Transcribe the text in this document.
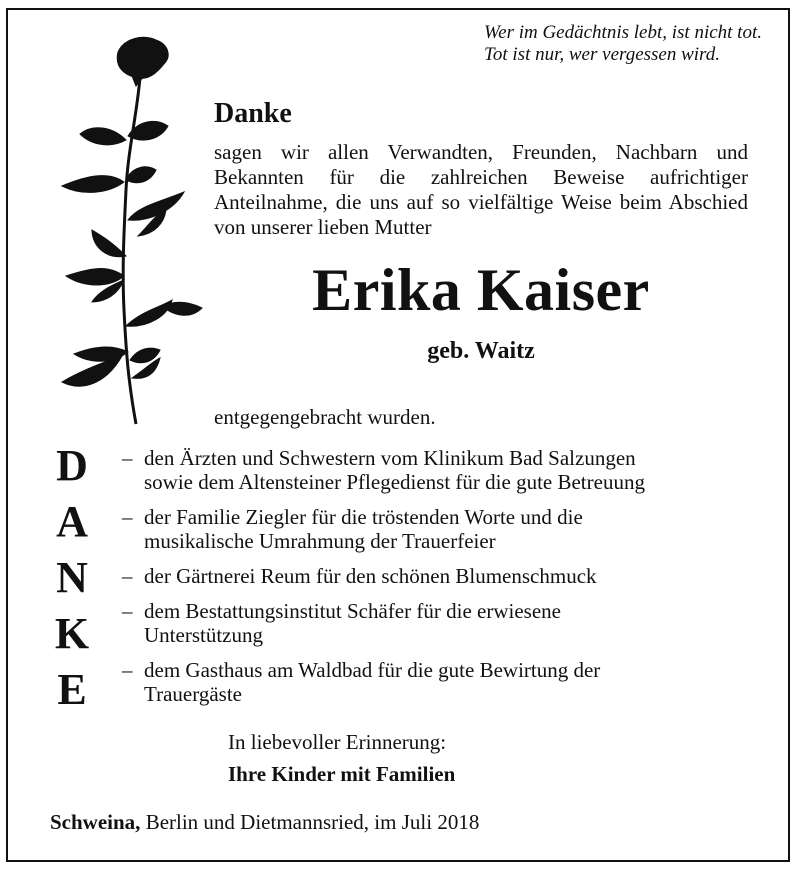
Wer im Gedächtnis lebt, ist nicht tot.
Tot ist nur, wer vergessen wird.
Danke
sagen wir allen Verwandten, Freunden, Nachbarn und Bekannten für die zahlreichen Beweise aufrichtiger Anteilnahme, die uns auf so vielfältige Weise beim Abschied von unserer lieben Mutter
Erika Kaiser
geb. Waitz
entgegengebracht wurden.
D
A
N
K
E
– den Ärzten und Schwestern vom Klinikum Bad Salzungen
sowie dem Altensteiner Pflegedienst für die gute Betreuung
– der Familie Ziegler für die tröstenden Worte und die
musikalische Umrahmung der Trauerfeier
– der Gärtnerei Reum für den schönen Blumenschmuck
– dem Bestattungsinstitut Schäfer für die erwiesene
Unterstützung
– dem Gasthaus am Waldbad für die gute Bewirtung der
Trauergäste
In liebevoller Erinnerung:
Ihre Kinder mit Familien
Schweina, Berlin und Dietmannsried, im Juli 2018
